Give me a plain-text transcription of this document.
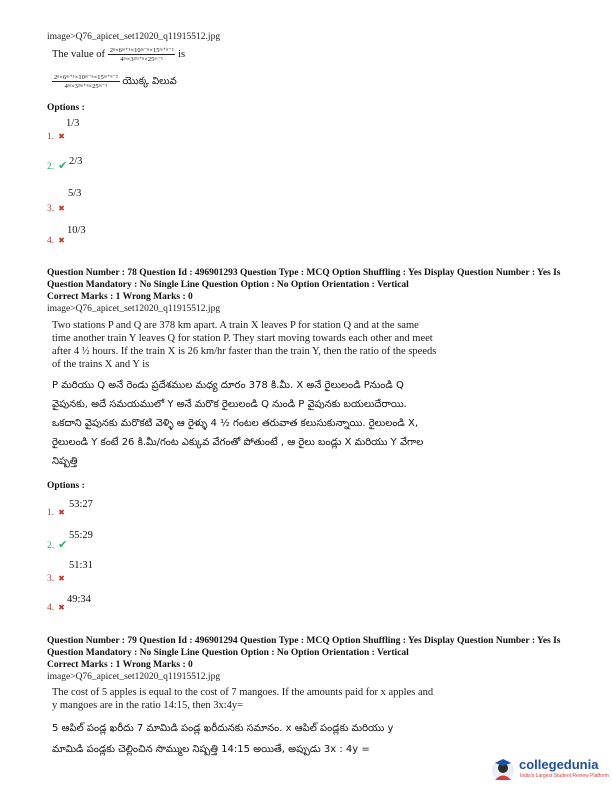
image>Q76_apicet_set12020_q11915512.jpg
The value of $\frac{\text{2ⁿ×6ᵐ⁺¹×10ᵐ⁻ⁿ×15ᵐ⁺ⁿ⁻²}}{\text{4ᵐ×3²ᵐ⁺ⁿ×25ᵐ⁻¹}}$ is
$\frac{\text{2ⁿ×6ᵐ⁺¹×10ᵐ⁻ⁿ×15ᵐ⁺ⁿ⁻²}}{\text{4ᵐ×3²ᵐ⁺ⁿ×25ᵐ⁻¹}}$ యొక్క విలువ
Options :
1. ✖
1/3
2. ✔ 2/3
3. ✖
5/3
4. ✖
10/3
Question Number : 78 Question Id : 496901293 Question Type : MCQ Option Shuffling : Yes Display Question Number : Yes Is
Question Mandatory : No Single Line Question Option : No Option Orientation : Vertical
Correct Marks : 1 Wrong Marks : 0
image>Q76_apicet_set12020_q11915512.jpg
Two stations P and Q are 378 km apart. A train X leaves P for station Q and at the same
time another train Y leaves Q for station P. They start moving towards each other and meet
after 4 ½ hours. If the train X is 26 km/hr faster than the train Y, then the ratio of the speeds
of the trains X and Y is
P మరియు Q అనే రెండు ప్రదేశముల మధ్య దూరం 378 కి.మీ. X అనే రైలులండి Pనుండి Q
వైపునకు, అదే సమయములో Y అనే మరొక రైలులండి Q నుండి P వైపునకు బయలుదేరాయి.
ఒకదాని వైపునకు మరొకటి వెళ్ళి ఆ రైళ్ళు 4 ½ గంటల తరువాత కలుసుకున్నాయి. రైలులండి X,
రైలులండి Y కంటే 26 కి.మీ/గంట ఎక్కువ వేగంతో పోతుంటే , ఆ రైలు బండ్లు X మరియు Y వేగాల
నిష్పత్తి
Options :
1. ✖
53:27
2. ✔
55:29
3. ✖
51:31
4. ✖
49:34
Question Number : 79 Question Id : 496901294 Question Type : MCQ Option Shuffling : Yes Display Question Number : Yes Is
Question Mandatory : No Single Line Question Option : No Option Orientation : Vertical
Correct Marks : 1 Wrong Marks : 0
image>Q76_apicet_set12020_q11915512.jpg
The cost of 5 apples is equal to the cost of 7 mangoes. If the amounts paid for x apples and
y mangoes are in the ratio 14:15, then 3x:4y=
5 ఆపిల్ పండ్ల ఖరీదు 7 మామిడి పండ్ల ఖరీదునకు సమానం. x ఆపిల్ పండ్లకు మరియు y
మామిడి పండ్లకు చెల్లించిన సొమ్ముల నిష్పత్తి 14:15 అయితే, అప్పుడు 3x : 4y =
collegedunia
India's Largest Student Review Platform
